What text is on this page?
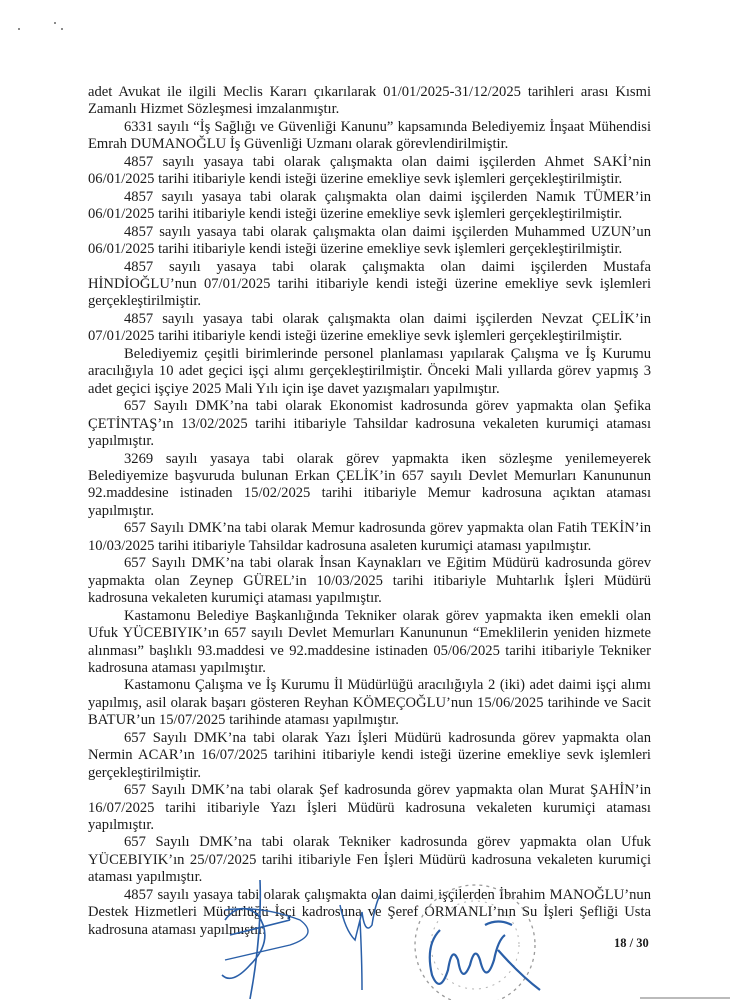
adet Avukat ile ilgili Meclis Kararı çıkarılarak 01/01/2025-31/12/2025 tarihleri arası Kısmi Zamanlı Hizmet Sözleşmesi imzalanmıştır.

6331 sayılı “İş Sağlığı ve Güvenliği Kanunu” kapsamında Belediyemiz İnşaat Mühendisi Emrah DUMANOĞLU İş Güvenliği Uzmanı olarak görevlendirilmiştir.

4857 sayılı yasaya tabi olarak çalışmakta olan daimi işçilerden Ahmet SAKİ’nin 06/01/2025 tarihi itibariyle kendi isteği üzerine emekliye sevk işlemleri gerçekleştirilmiştir.

4857 sayılı yasaya tabi olarak çalışmakta olan daimi işçilerden Namık TÜMER’in 06/01/2025 tarihi itibariyle kendi isteği üzerine emekliye sevk işlemleri gerçekleştirilmiştir.

4857 sayılı yasaya tabi olarak çalışmakta olan daimi işçilerden Muhammed UZUN’un 06/01/2025 tarihi itibariyle kendi isteği üzerine emekliye sevk işlemleri gerçekleştirilmiştir.

4857 sayılı yasaya tabi olarak çalışmakta olan daimi işçilerden Mustafa HİNDİOĞLU’nun 07/01/2025 tarihi itibariyle kendi isteği üzerine emekliye sevk işlemleri gerçekleştirilmiştir.

4857 sayılı yasaya tabi olarak çalışmakta olan daimi işçilerden Nevzat ÇELİK’in 07/01/2025 tarihi itibariyle kendi isteği üzerine emekliye sevk işlemleri gerçekleştirilmiştir.

Belediyemiz çeşitli birimlerinde personel planlaması yapılarak Çalışma ve İş Kurumu aracılığıyla 10 adet geçici işçi alımı gerçekleştirilmiştir. Önceki Mali yıllarda görev yapmış 3 adet geçici işçiye 2025 Mali Yılı için işe davet yazışmaları yapılmıştır.

657 Sayılı DMK’na tabi olarak Ekonomist kadrosunda görev yapmakta olan Şefika ÇETİNTAŞ’ın 13/02/2025 tarihi itibariyle Tahsildar kadrosuna vekaleten kurumiçi ataması yapılmıştır.

3269 sayılı yasaya tabi olarak görev yapmakta iken sözleşme yenilemeyerek Belediyemize başvuruda bulunan Erkan ÇELİK’in 657 sayılı Devlet Memurları Kanununun 92.maddesine istinaden 15/02/2025 tarihi itibariyle Memur kadrosuna açıktan ataması yapılmıştır.

657 Sayılı DMK’na tabi olarak Memur kadrosunda görev yapmakta olan Fatih TEKİN’in 10/03/2025 tarihi itibariyle Tahsildar kadrosuna asaleten kurumiçi ataması yapılmıştır.

657 Sayılı DMK’na tabi olarak İnsan Kaynakları ve Eğitim Müdürü kadrosunda görev yapmakta olan Zeynep GÜREL’in 10/03/2025 tarihi itibariyle Muhtarlık İşleri Müdürü kadrosuna vekaleten kurumiçi ataması yapılmıştır.

Kastamonu Belediye Başkanlığında Tekniker olarak görev yapmakta iken emekli olan Ufuk YÜCEBIYIK’ın 657 sayılı Devlet Memurları Kanununun “Emeklilerin yeniden hizmete alınması” başlıklı 93.maddesi ve 92.maddesine istinaden 05/06/2025 tarihi itibariyle Tekniker kadrosuna ataması yapılmıştır.

Kastamonu Çalışma ve İş Kurumu İl Müdürlüğü aracılığıyla 2 (iki) adet daimi işçi alımı yapılmış, asil olarak başarı gösteren Reyhan KÖMEÇOĞLU’nun 15/06/2025 tarihinde ve Sacit BATUR’un 15/07/2025 tarihinde ataması yapılmıştır.

657 Sayılı DMK’na tabi olarak Yazı İşleri Müdürü kadrosunda görev yapmakta olan Nermin ACAR’ın 16/07/2025 tarihini itibariyle kendi isteği üzerine emekliye sevk işlemleri gerçekleştirilmiştir.

657 Sayılı DMK’na tabi olarak Şef kadrosunda görev yapmakta olan Murat ŞAHİN’in 16/07/2025 tarihi itibariyle Yazı İşleri Müdürü kadrosuna vekaleten kurumiçi ataması yapılmıştır.

657 Sayılı DMK’na tabi olarak Tekniker kadrosunda görev yapmakta olan Ufuk YÜCEBIYIK’ın 25/07/2025 tarihi itibariyle Fen İşleri Müdürü kadrosuna vekaleten kurumiçi ataması yapılmıştır.

4857 sayılı yasaya tabi olarak çalışmakta olan daimi işçilerden İbrahim MANOĞLU’nun Destek Hizmetleri Müdürlüğü İşçi kadrosuna ve Şeref ORMANLI’nın Su İşleri Şefliği Usta kadrosuna ataması yapılmıştır.

18 / 30
